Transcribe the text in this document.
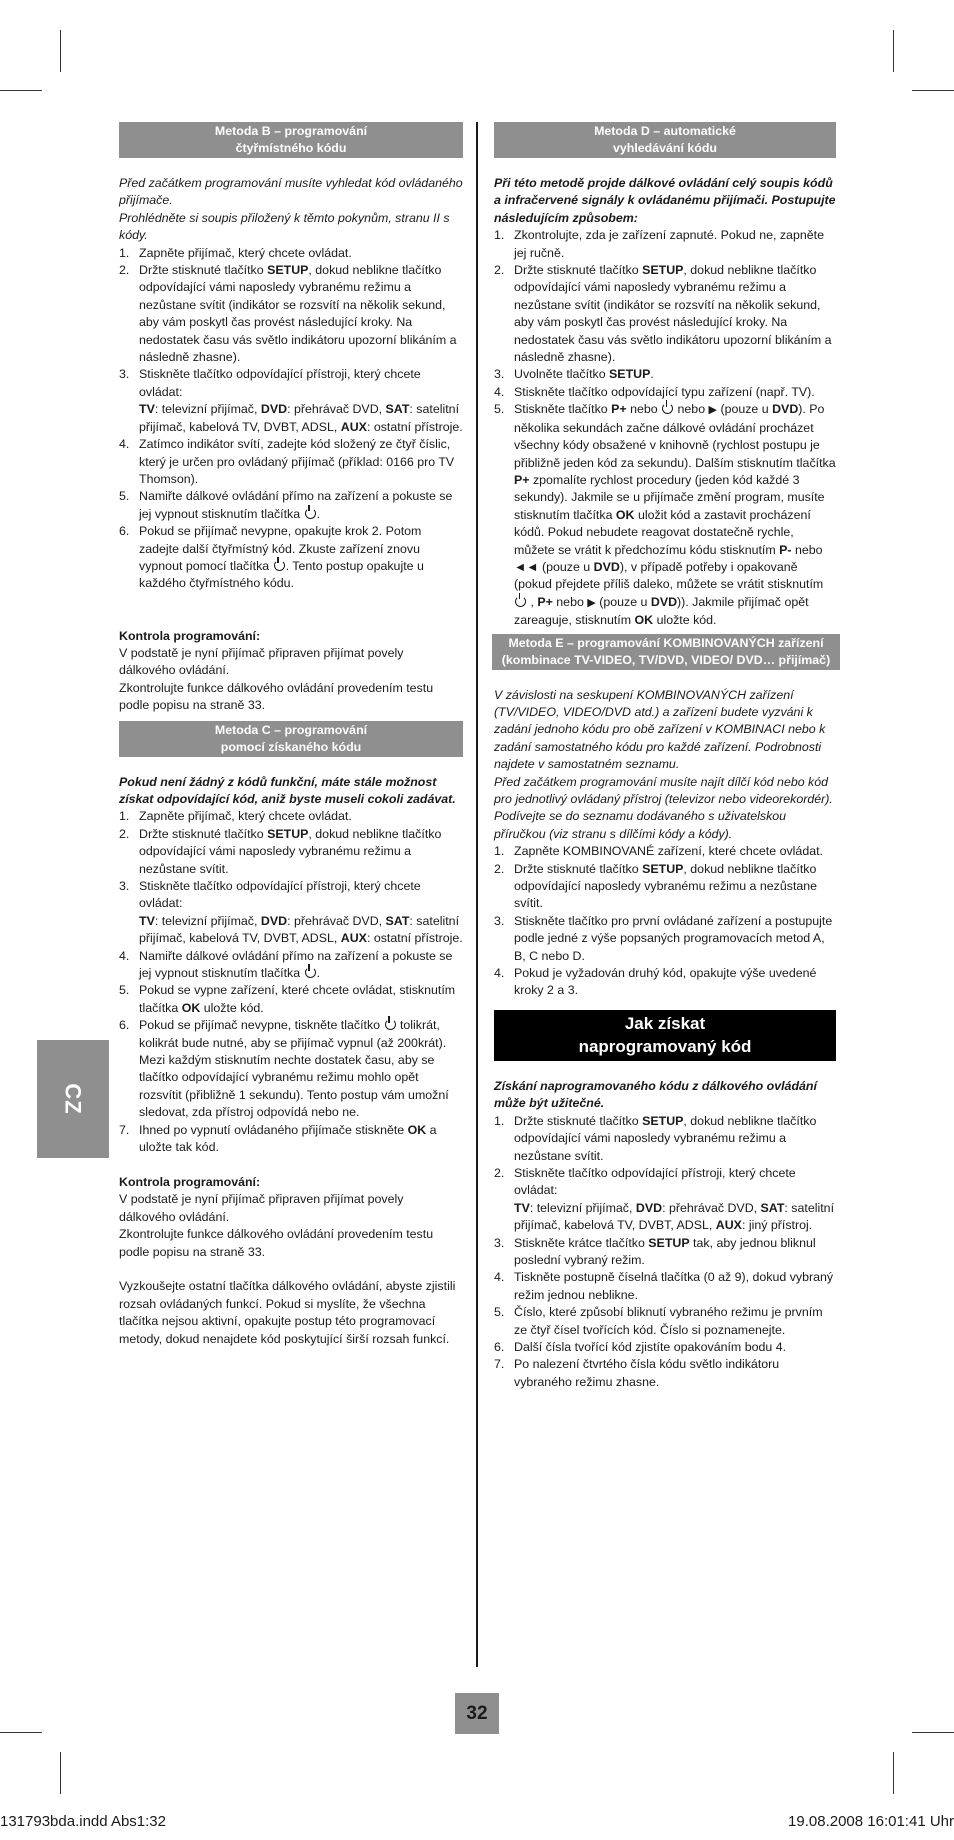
Metoda B – programování
čtyřmístného kódu

Před začátkem programování musíte vyhledat kód ovládaného přijímače.

Prohlédněte si soupis přiložený k těmto pokynům, stranu II s kódy.

1. Zapněte přijímač, který chcete ovládat.
2. Držte stisknuté tlačítko SETUP, dokud neblikne tlačítko odpovídající vámi naposledy vybranému režimu a nezůstane svítit (indikátor se rozsvítí na několik sekund, aby vám poskytl čas provést následující kroky. Na nedostatek času vás světlo indikátoru upozorní blikáním a následně zhasne).
3. Stiskněte tlačítko odpovídající přístroji, který chcete ovládat:
TV: televizní přijímač, DVD: přehrávač DVD, SAT: satelitní přijímač, kabelová TV, DVBT, ADSL, AUX: ostatní přístroje.
4. Zatímco indikátor svítí, zadejte kód složený ze čtyř číslic, který je určen pro ovládaný přijímač (příklad: 0166 pro TV Thomson).
5. Namiřte dálkové ovládání přímo na zařízení a pokuste se jej vypnout stisknutím tlačítka .
6. Pokud se přijímač nevypne, opakujte krok 2. Potom zadejte další čtyřmístný kód. Zkuste zařízení znovu vypnout pomocí tlačítka . Tento postup opakujte u každého čtyřmístného kódu.

Kontrola programování:

V podstatě je nyní přijímač připraven přijímat povely dálkového ovládání.

Zkontrolujte funkce dálkového ovládání provedením testu podle popisu na straně 33.

Metoda C – programování
pomocí získaného kódu

Pokud není žádný z kódů funkční, máte stále možnost získat odpovídající kód, aniž byste museli cokoli zadávat.

1. Zapněte přijímač, který chcete ovládat.
2. Držte stisknuté tlačítko SETUP, dokud neblikne tlačítko odpovídající vámi naposledy vybranému režimu a nezůstane svítit.
3. Stiskněte tlačítko odpovídající přístroji, který chcete ovládat:
TV: televizní přijímač, DVD: přehrávač DVD, SAT: satelitní přijímač, kabelová TV, DVBT, ADSL, AUX: ostatní přístroje.
4. Namiřte dálkové ovládání přímo na zařízení a pokuste se jej vypnout stisknutím tlačítka .
5. Pokud se vypne zařízení, které chcete ovládat, stisknutím tlačítka OK uložte kód.
6. Pokud se přijímač nevypne, tiskněte tlačítko  tolikrát, kolikrát bude nutné, aby se přijímač vypnul (až 200krát). Mezi každým stisknutím nechte dostatek času, aby se tlačítko odpovídající vybranému režimu mohlo opět rozsvítit (přibližně 1 sekundu). Tento postup vám umožní sledovat, zda přístroj odpovídá nebo ne.
7. Ihned po vypnutí ovládaného přijímače stiskněte OK a uložte tak kód.

Kontrola programování:

V podstatě je nyní přijímač připraven přijímat povely dálkového ovládání.

Zkontrolujte funkce dálkového ovládání provedením testu podle popisu na straně 33.

Vyzkoušejte ostatní tlačítka dálkového ovládání, abyste zjistili rozsah ovládaných funkcí. Pokud si myslíte, že všechna

tlačítka nejsou aktivní, opakujte postup této programovací metody, dokud nenajdete kód poskytující širší rozsah funkcí.

Metoda D – automatické
vyhledávání kódu

Při této metodě projde dálkové ovládání celý soupis kódů a infračervené signály k ovládanému přijímači. Postupujte následujícím způsobem:

1. Zkontrolujte, zda je zařízení zapnuté. Pokud ne, zapněte jej ručně.
2. Držte stisknuté tlačítko SETUP, dokud neblikne tlačítko odpovídající vámi naposledy vybranému režimu a nezůstane svítit (indikátor se rozsvítí na několik sekund, aby vám poskytl čas provést následující kroky. Na nedostatek času vás světlo indikátoru upozorní blikáním a následně zhasne).
3. Uvolněte tlačítko SETUP.
4. Stiskněte tlačítko odpovídající typu zařízení (např. TV).
5. Stiskněte tlačítko P+ nebo  nebo ▶ (pouze u DVD). Po několika sekundách začne dálkové ovládání procházet všechny kódy obsažené v knihovně (rychlost postupu je přibližně jeden kód za sekundu). Dalším stisknutím tlačítka P+ zpomalíte rychlost procedury (jeden kód každé 3 sekundy). Jakmile se u přijímače změní program, musíte stisknutím tlačítka OK uložit kód a zastavit procházení kódů. Pokud nebudete reagovat dostatečně rychle, můžete se vrátit k předchozímu kódu stisknutím P- nebo ◄◄ (pouze u DVD), v případě potřeby i opakovaně (pokud přejdete příliš daleko, můžete se vrátit stisknutím  , P+ nebo ▶ (pouze u DVD)). Jakmile přijímač opět zareaguje, stisknutím OK uložte kód.
Metoda E – programování KOMBINOVANÝCH zařízení (kombinace TV-VIDEO, TV/DVD, VIDEO/ DVD… přijímač)

V závislosti na seskupení KOMBINOVANÝCH zařízení (TV/VIDEO, VIDEO/DVD atd.) a zařízení budete vyzváni k zadání jednoho kódu pro obě zařízení v KOMBINACI nebo k zadání samostatného kódu pro každé zařízení. Podrobnosti

najdete v samostatném seznamu.

Před začátkem programování musíte najít dílčí kód nebo kód pro jednotlivý ovládaný přístroj (televizor nebo videorekordér). Podívejte se do seznamu dodávaného s uživatelskou příručkou (viz stranu s dílčími kódy a kódy).

1. Zapněte KOMBINOVANÉ zařízení, které chcete ovládat.
2. Držte stisknuté tlačítko SETUP, dokud neblikne tlačítko odpovídající naposledy vybranému režimu a nezůstane svítit.
3. Stiskněte tlačítko pro první ovládané zařízení a postupujte podle jedné z výše popsaných programovacích metod A, B, C nebo D.
4. Pokud je vyžadován druhý kód, opakujte výše uvedené kroky 2 a 3.
Jak získat
naprogramovaný kód

Získání naprogramovaného kódu z dálkového ovládání může být užitečné.

1. Držte stisknuté tlačítko SETUP, dokud neblikne tlačítko odpovídající vámi naposledy vybranému režimu a nezůstane svítit.
2. Stiskněte tlačítko odpovídající přístroji, který chcete ovládat:
TV: televizní přijímač, DVD: přehrávač DVD, SAT: satelitní přijímač, kabelová TV, DVBT, ADSL, AUX: jiný přístroj.
3. Stiskněte krátce tlačítko SETUP tak, aby jednou bliknul poslední vybraný režim.
4. Tiskněte postupně číselná tlačítka (0 až 9), dokud vybraný režim jednou neblikne.
5. Číslo, které způsobí bliknutí vybraného režimu je prvním ze čtyř čísel tvořících kód. Číslo si poznamenejte.
6. Další čísla tvořící kód zjistíte opakováním bodu 4.
7. Po nalezení čtvrtého čísla kódu světlo indikátoru vybraného režimu zhasne.
CZ
32
131793bda.indd Abs1:32	19.08.2008 16:01:41 Uhr
